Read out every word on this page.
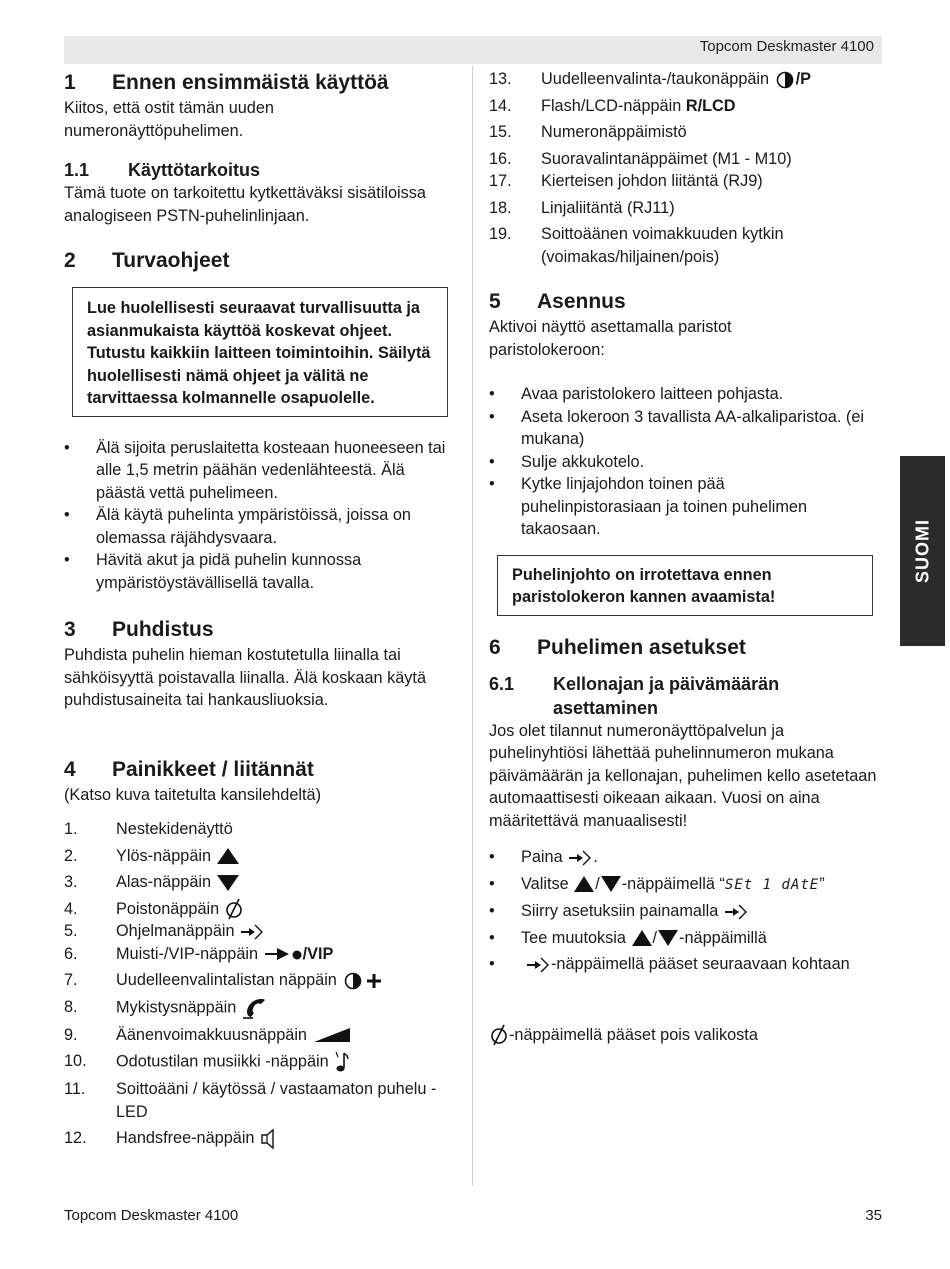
Topcom Deskmaster 4100
1	Ennen ensimmäistä käyttöä

Kiitos, että ostit tämän uuden numeronäyttöpuhelimen.

1.1	Käyttötarkoitus

Tämä tuote on tarkoitettu kytkettäväksi sisätiloissa analogiseen PSTN-puhelinlinjaan.

2	Turvaohjeet
Lue huolellisesti seuraavat turvallisuutta ja asianmukaista käyttöä koskevat ohjeet. Tutustu kaikkiin laitteen toimintoihin. Säilytä huolellisesti nämä ohjeet ja välitä ne tarvittaessa kolmannelle osapuolelle.
• Älä sijoita peruslaitetta kosteaan huoneeseen tai alle 1,5 metrin päähän vedenlähteestä. Älä päästä vettä puhelimeen.
• Älä käytä puhelinta ympäristöissä, joissa on olemassa räjähdysvaara.
• Hävitä akut ja pidä puhelin kunnossa ympäristöystävällisellä tavalla.
3	Puhdistus

Puhdista puhelin hieman kostutetulla liinalla tai sähköisyyttä poistavalla liinalla. Älä koskaan käytä puhdistusaineita tai hankausliuoksia.

4	Painikkeet / liitännät

(Katso kuva taitetulta kansilehdeltä)

1.	Nestekidenäyttö
2.	Ylös-näppäin
3.	Alas-näppäin
4.	Poistonäppäin
5.	Ohjelmanäppäin
6.	Muisti-/VIP-näppäin	/VIP
7.	Uudelleenvalintalistan näppäin
8.	Mykistysnäppäin
9.	Äänenvoimakkuusnäppäin
10.	Odotustilan musiikki -näppäin
11.	Soittoääni / käytössä / vastaamaton puhelu -LED
12.	Handsfree-näppäin
13.	Uudelleenvalinta-/taukonäppäin /P
14.	Flash/LCD-näppäin R/LCD
15.	Numeronäppäimistö
16.	Suoravalintanäppäimet (M1 - M10)
17.	Kierteisen johdon liitäntä (RJ9)
18.	Linjaliitäntä (RJ11)
19.	Soittoäänen voimakkuuden kytkin (voimakas/hiljainen/pois)
5	Asennus

Aktivoi näyttö asettamalla paristot paristolokeroon:

• Avaa paristolokero laitteen pohjasta.
• Aseta lokeroon 3 tavallista AA-alkaliparistoa. (ei mukana)
• Sulje akkukotelo.
• Kytke linjajohdon toinen pää puhelinpistorasiaan ja toinen puhelimen takaosaan.
Puhelinjohto on irrotettava ennen paristolokeron kannen avaamista!
6	Puhelimen asetukset
6.1	Kellonajan ja päivämäärän asettaminen

Jos olet tilannut numeronäyttöpalvelun ja puhelinyhtiösi lähettää puhelinnumeron mukana päivämäärän ja kellonajan, puhelimen kello asetetaan automaattisesti oikeaan aikaan. Vuosi on aina määritettävä manuaalisesti!

• Paina .
• Valitse / -näppäimellä “SEt 1 dAtE”
• Siirry asetuksiin painamalla
• Tee muutoksia / -näppäimillä
•	-näppäimellä pääset seuraavaan kohtaan

-näppäimellä pääset pois valikosta

SUOMI
Topcom Deskmaster 4100	35
